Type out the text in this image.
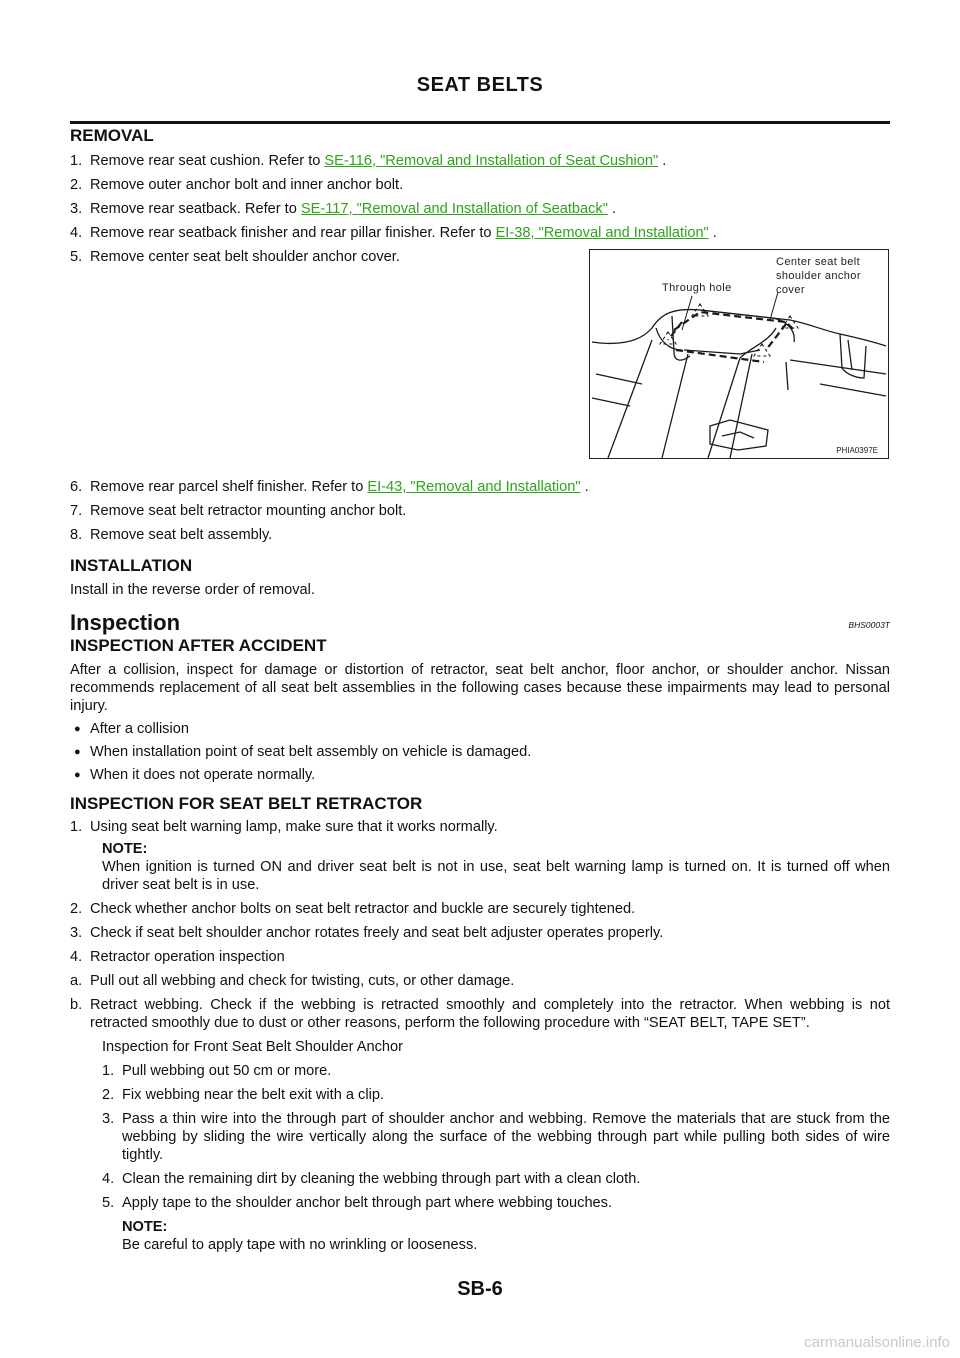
SEAT BELTS
REMOVAL
1. Remove rear seat cushion. Refer to SE-116, "Removal and Installation of Seat Cushion" .
2. Remove outer anchor bolt and inner anchor bolt.
3. Remove rear seatback. Refer to SE-117, "Removal and Installation of Seatback" .
4. Remove rear seatback finisher and rear pillar finisher. Refer to EI-38, "Removal and Installation" .
5. Remove center seat belt shoulder anchor cover.
6. Remove rear parcel shelf finisher. Refer to EI-43, "Removal and Installation" .
7. Remove seat belt retractor mounting anchor bolt.
8. Remove seat belt assembly.
INSTALLATION
Install in the reverse order of removal.
Inspection	BHS0003T
INSPECTION AFTER ACCIDENT
After a collision, inspect for damage or distortion of retractor, seat belt anchor, floor anchor, or shoulder anchor. Nissan recommends replacement of all seat belt assemblies in the following cases because these impairments may lead to personal injury.
● After a collision
● When installation point of seat belt assembly on vehicle is damaged.
● When it does not operate normally.
INSPECTION FOR SEAT BELT RETRACTOR
1. Using seat belt warning lamp, make sure that it works normally.
NOTE:
When ignition is turned ON and driver seat belt is not in use, seat belt warning lamp is turned on. It is turned off when driver seat belt is in use.
2. Check whether anchor bolts on seat belt retractor and buckle are securely tightened.
3. Check if seat belt shoulder anchor rotates freely and seat belt adjuster operates properly.
4. Retractor operation inspection
a. Pull out all webbing and check for twisting, cuts, or other damage.
b. Retract webbing. Check if the webbing is retracted smoothly and completely into the retractor. When webbing is not retracted smoothly due to dust or other reasons, perform the following procedure with “SEAT BELT, TAPE SET”.
Inspection for Front Seat Belt Shoulder Anchor
1. Pull webbing out 50 cm or more.
2. Fix webbing near the belt exit with a clip.
3. Pass a thin wire into the through part of shoulder anchor and webbing. Remove the materials that are stuck from the webbing by sliding the wire vertically along the surface of the webbing through part while pulling both sides of wire tightly.
4. Clean the remaining dirt by cleaning the webbing through part with a clean cloth.
5. Apply tape to the shoulder anchor belt through part where webbing touches.
NOTE:
Be careful to apply tape with no wrinkling or looseness.
Through hole
Center seat belt
shoulder anchor
cover
PHIA0397E
SB-6
carmanualsonline.info
